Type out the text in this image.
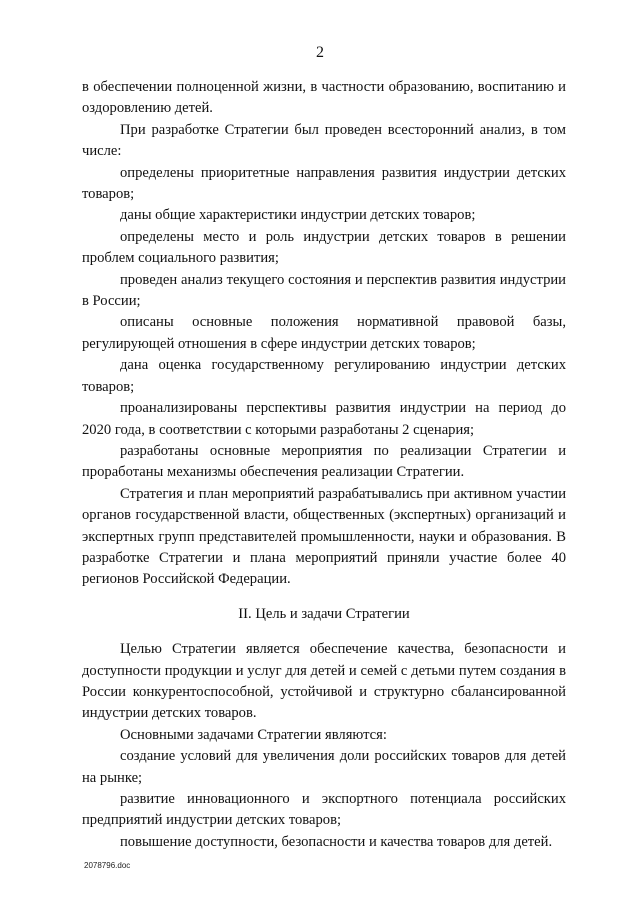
2

в обеспечении полноценной жизни, в частности образованию, воспитанию и оздоровлению детей.

При разработке Стратегии был проведен всесторонний анализ, в том числе:

определены приоритетные направления развития индустрии детских товаров;

даны общие характеристики индустрии детских товаров;

определены место и роль индустрии детских товаров в решении проблем социального развития;

проведен анализ текущего состояния и перспектив развития индустрии в России;

описаны основные положения нормативной правовой базы, регулирующей отношения в сфере индустрии детских товаров;

дана оценка государственному регулированию индустрии детских товаров;

проанализированы перспективы развития индустрии на период до 2020 года, в соответствии с которыми разработаны 2 сценария;

разработаны основные мероприятия по реализации Стратегии и проработаны механизмы обеспечения реализации Стратегии.

Стратегия и план мероприятий разрабатывались при активном участии органов государственной власти, общественных (экспертных) организаций и экспертных групп представителей промышленности, науки и образования. В разработке Стратегии и плана мероприятий приняли участие более 40 регионов Российской Федерации.

II. Цель и задачи Стратегии

Целью Стратегии является обеспечение качества, безопасности и доступности продукции и услуг для детей и семей с детьми путем создания в России конкурентоспособной, устойчивой и структурно сбалансированной индустрии детских товаров.

Основными задачами Стратегии являются:

создание условий для увеличения доли российских товаров для детей на рынке;

развитие инновационного и экспортного потенциала российских предприятий индустрии детских товаров;

повышение доступности, безопасности и качества товаров для детей.

2078796.doc
